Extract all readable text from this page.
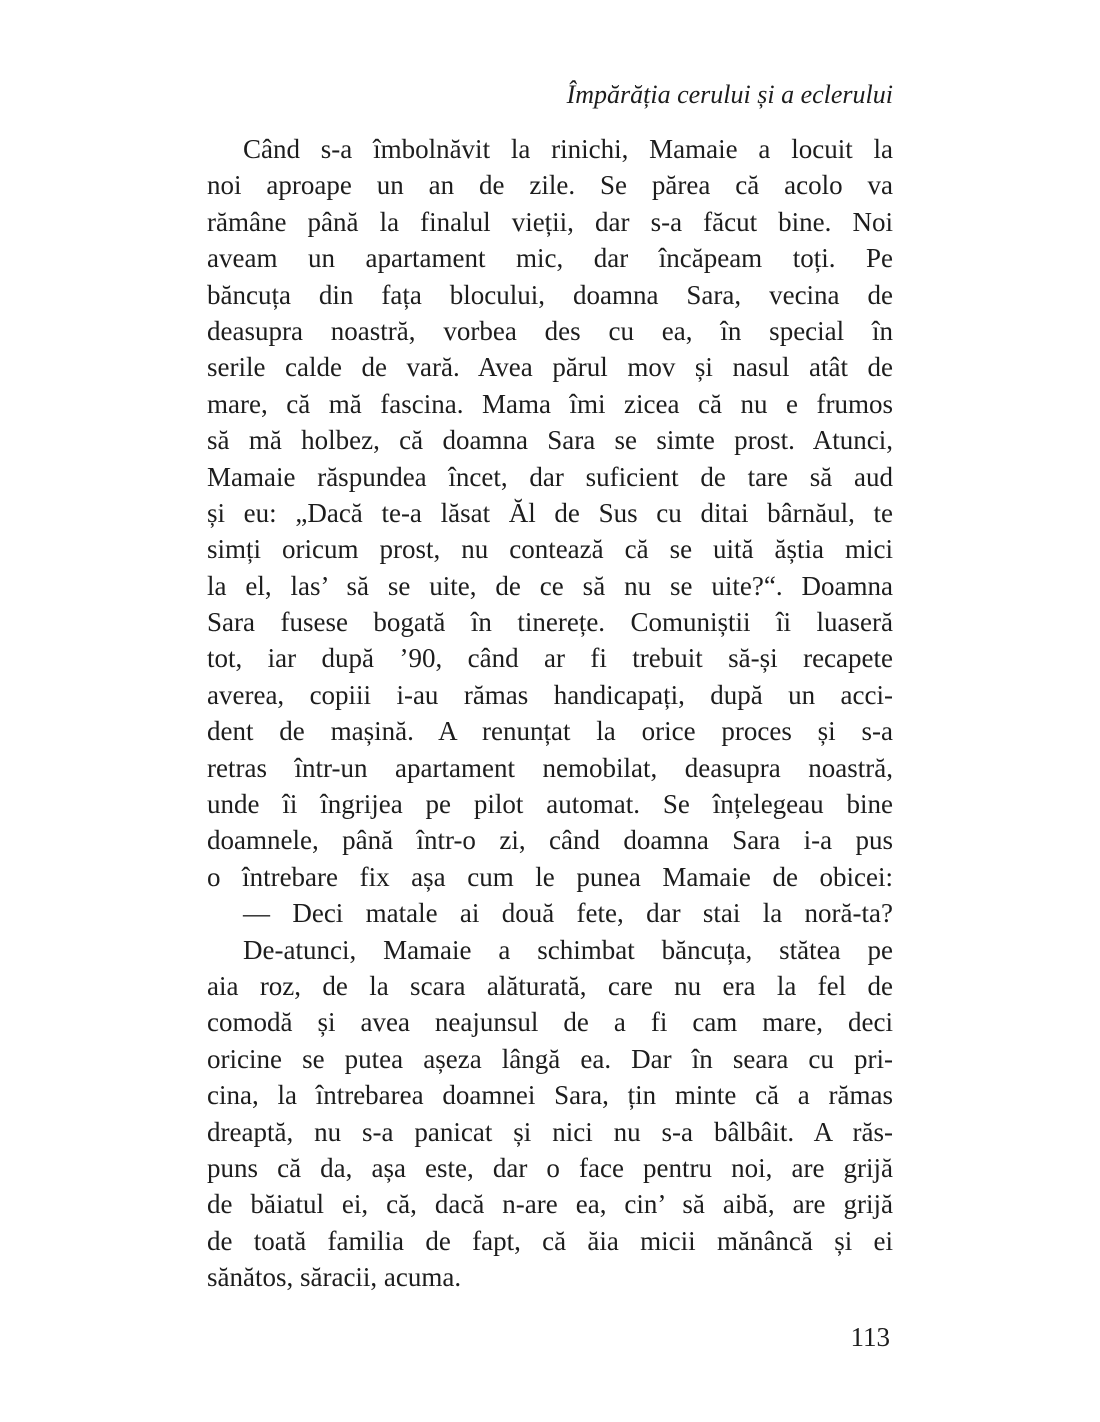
Împărăția cerului și a eclerului
Când s-a îmbolnăvit la rinichi, Mamaie a locuit la
noi aproape un an de zile. Se părea că acolo va
rămâne până la finalul vieții, dar s-a făcut bine. Noi
aveam un apartament mic, dar încăpeam toți. Pe
băncuța din fața blocului, doamna Sara, vecina de
deasupra noastră, vorbea des cu ea, în special în
serile calde de vară. Avea părul mov și nasul atât de
mare, că mă fascina. Mama îmi zicea că nu e frumos
să mă holbez, că doamna Sara se simte prost. Atunci,
Mamaie răspundea încet, dar suficient de tare să aud
și eu: „Dacă te-a lăsat Ăl de Sus cu ditai bârnăul, te
simți oricum prost, nu contează că se uită ăștia mici
la el, las’ să se uite, de ce să nu se uite?“. Doamna
Sara fusese bogată în tinerețe. Comuniștii îi luaseră
tot, iar după ’90, când ar fi trebuit să-și recapete
averea, copiii i-au rămas handicapați, după un acci-
dent de mașină. A renunțat la orice proces și s-a
retras într-un apartament nemobilat, deasupra noastră,
unde îi îngrijea pe pilot automat. Se înțelegeau bine
doamnele, până într-o zi, când doamna Sara i-a pus
o întrebare fix așa cum le punea Mamaie de obicei:
— Deci matale ai două fete, dar stai la noră-ta?
De-atunci, Mamaie a schimbat băncuța, stătea pe
aia roz, de la scara alăturată, care nu era la fel de
comodă și avea neajunsul de a fi cam mare, deci
oricine se putea așeza lângă ea. Dar în seara cu pri-
cina, la întrebarea doamnei Sara, țin minte că a rămas
dreaptă, nu s-a panicat și nici nu s-a bâlbâit. A răs-
puns că da, așa este, dar o face pentru noi, are grijă
de băiatul ei, că, dacă n-are ea, cin’ să aibă, are grijă
de toată familia de fapt, că ăia micii mănâncă și ei
sănătos, săracii, acuma.
113
